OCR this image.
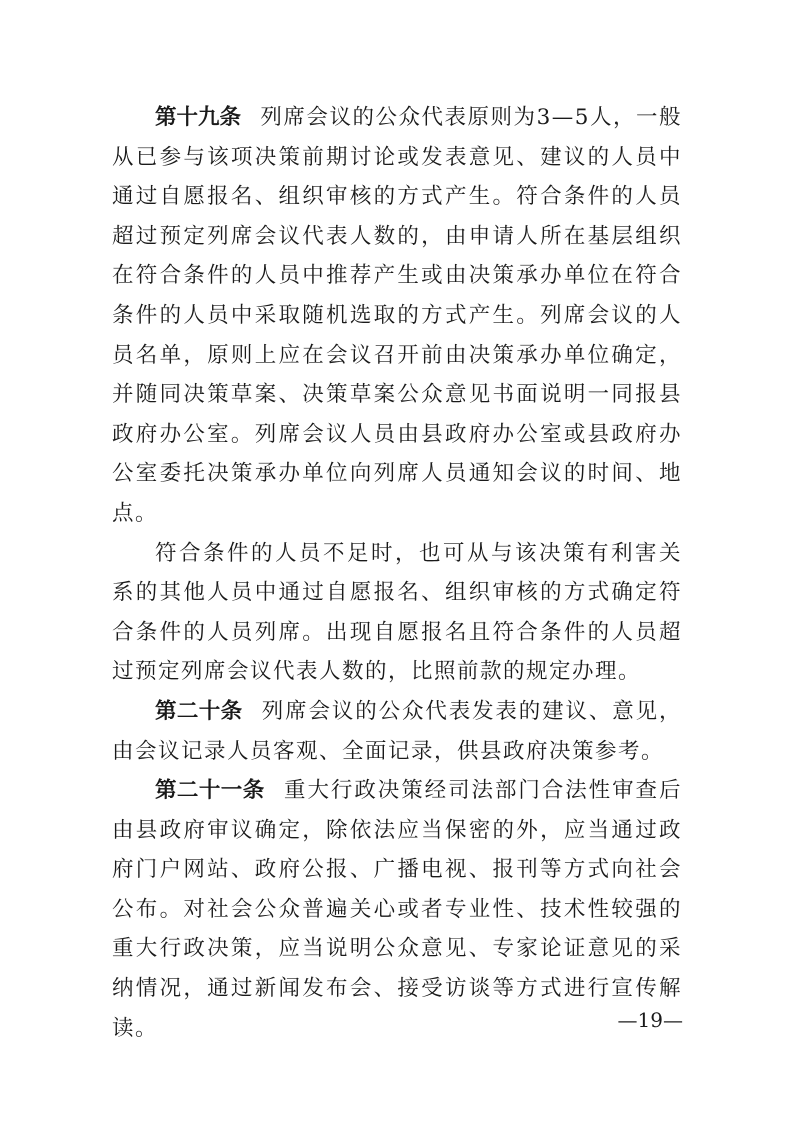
第十九条 列席会议的公众代表原则为3—5人，一般从已参与该项决策前期讨论或发表意见、建议的人员中通过自愿报名、组织审核的方式产生。符合条件的人员超过预定列席会议代表人数的，由申请人所在基层组织在符合条件的人员中推荐产生或由决策承办单位在符合条件的人员中采取随机选取的方式产生。列席会议的人员名单，原则上应在会议召开前由决策承办单位确定，并随同决策草案、决策草案公众意见书面说明一同报县政府办公室。列席会议人员由县政府办公室或县政府办公室委托决策承办单位向列席人员通知会议的时间、地点。

符合条件的人员不足时，也可从与该决策有利害关系的其他人员中通过自愿报名、组织审核的方式确定符合条件的人员列席。出现自愿报名且符合条件的人员超过预定列席会议代表人数的，比照前款的规定办理。

第二十条 列席会议的公众代表发表的建议、意见，由会议记录人员客观、全面记录，供县政府决策参考。

第二十一条 重大行政决策经司法部门合法性审查后由县政府审议确定，除依法应当保密的外，应当通过政府门户网站、政府公报、广播电视、报刊等方式向社会公布。对社会公众普遍关心或者专业性、技术性较强的重大行政决策，应当说明公众意见、专家论证意见的采纳情况，通过新闻发布会、接受访谈等方式进行宣传解读。	—19—
